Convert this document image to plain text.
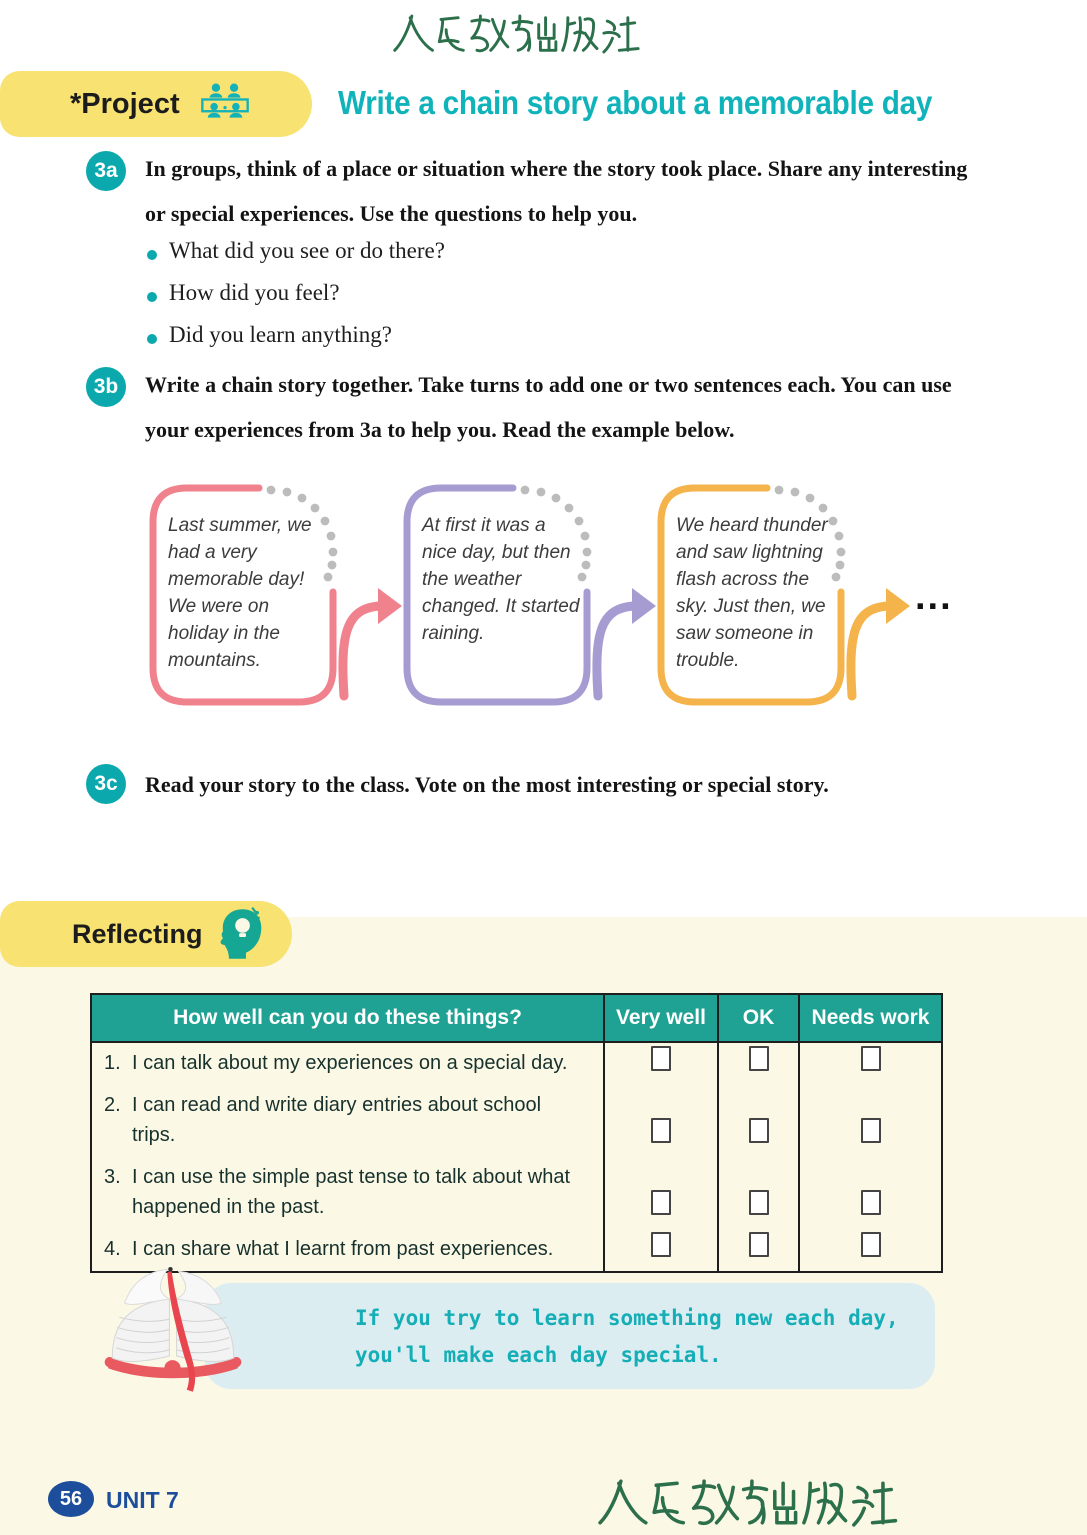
*Project	Write a chain story about a memorable day
3a	In groups, think of a place or situation where the story took place. Share any interesting or special experiences. Use the questions to help you.
What did you see or do there?
How did you feel?
Did you learn anything?
3b	Write a chain story together. Take turns to add one or two sentences each. You can use your experiences from 3a to help you. Read the example below.
Last summer, we had a very memorable day! We were on holiday in the mountains.
At first it was a nice day, but then the weather changed. It started raining.
We heard thunder and saw lightning flash across the sky. Just then, we saw someone in trouble.
...
3c	Read your story to the class. Vote on the most interesting or special story.
Reflecting
How well can you do these things?	Very well	OK	Needs work
1. I can talk about my experiences on a special day.			
2. I can read and write diary entries about school trips.			
3. I can use the simple past tense to talk about what happened in the past.			
4. I can share what I learnt from past experiences.			
If you try to learn something new each day,
you'll make each day special.
56	UNIT 7
